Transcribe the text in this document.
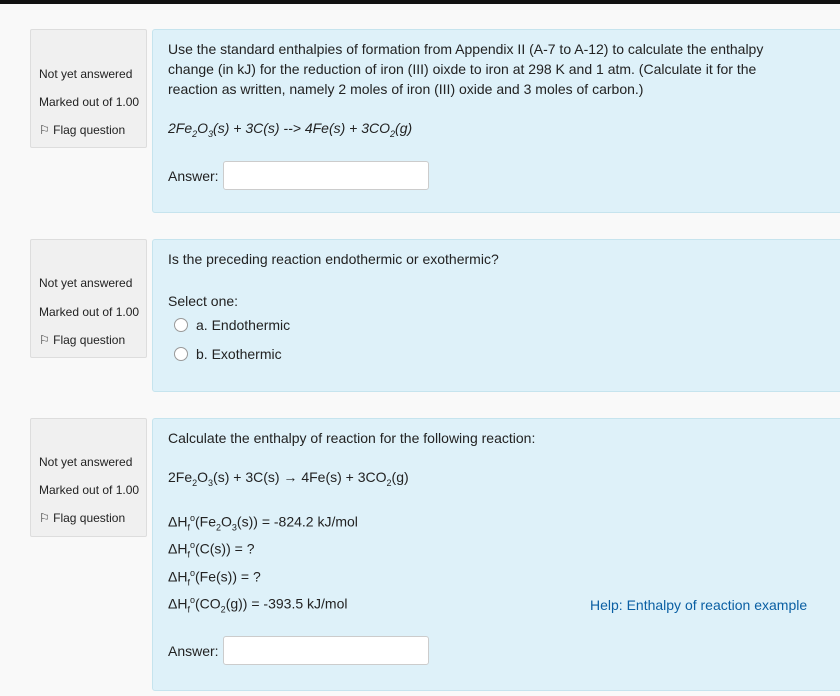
Not yet answered
Marked out of 1.00
⚐ Flag question
Use the standard enthalpies of formation from Appendix II (A-7 to A-12) to calculate the enthalpy change (in kJ) for the reduction of iron (III) oixde to iron at 298 K and 1 atm. (Calculate it for the reaction as written, namely 2 moles of iron (III) oxide and 3 moles of carbon.)
$2Fe_2O_3(s) + 3C(s)$ --> $4Fe(s) + 3CO_2(g)$
Answer:
Not yet answered
Marked out of 1.00
⚐ Flag question
Is the preceding reaction endothermic or exothermic?
Select one:
a. Endothermic
b. Exothermic
Not yet answered
Marked out of 1.00
⚐ Flag question
Calculate the enthalpy of reaction for the following reaction:
$2Fe_2O_3(s) + 3C(s) \to 4Fe(s) + 3CO_2(g)$
$\Delta H_f^o(Fe_2O_3(s)) = -824.2$ kJ/mol
$\Delta H_f^o(C(s))$ = ?
$\Delta H_f^o(Fe(s))$ = ?
$\Delta H_f^o(CO_2(g)) = -393.5$ kJ/mol	Help: Enthalpy of reaction example
Answer:
